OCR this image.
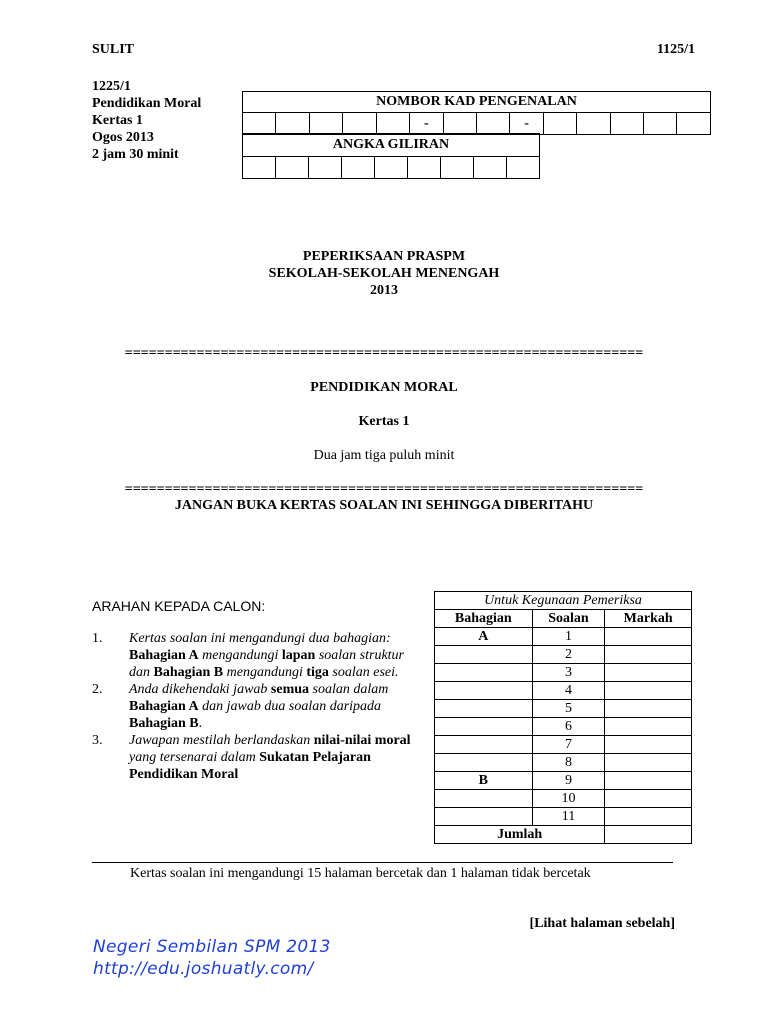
SULIT	1125/1
1225/1
Pendidikan Moral
Kertas 1
Ogos 2013
2 jam 30 minit
NOMBOR KAD PENGENALAN
					-			-					
ANGKA GILIRAN

PEPERIKSAAN PRASPM
SEKOLAH-SEKOLAH MENENGAH
2013
=================================================================
PENDIDIKAN MORAL
Kertas 1
Dua jam tiga puluh minit
=================================================================
JANGAN BUKA KERTAS SOALAN INI SEHINGGA DIBERITAHU
ARAHAN KEPADA CALON:
1.	Kertas soalan ini mengandungi dua bahagian: Bahagian A mengandungi lapan soalan struktur dan Bahagian B mengandungi tiga soalan esei.
2.	Anda dikehendaki jawab semua soalan dalam Bahagian A dan jawab dua soalan daripada Bahagian B.
3.	Jawapan mestilah berlandaskan nilai-nilai moral yang tersenarai dalam Sukatan Pelajaran Pendidikan Moral
Untuk Kegunaan Pemeriksa		
Bahagian	Soalan	Markah
A	1	
	2	
	3	
	4	
	5	
	6	
	7	
	8	
B	9	
	10	
	11	
Jumlah		
Kertas soalan ini mengandungi 15 halaman bercetak dan 1 halaman tidak bercetak
[Lihat halaman sebelah]
Negeri Sembilan SPM 2013
http://edu.joshuatly.com/
